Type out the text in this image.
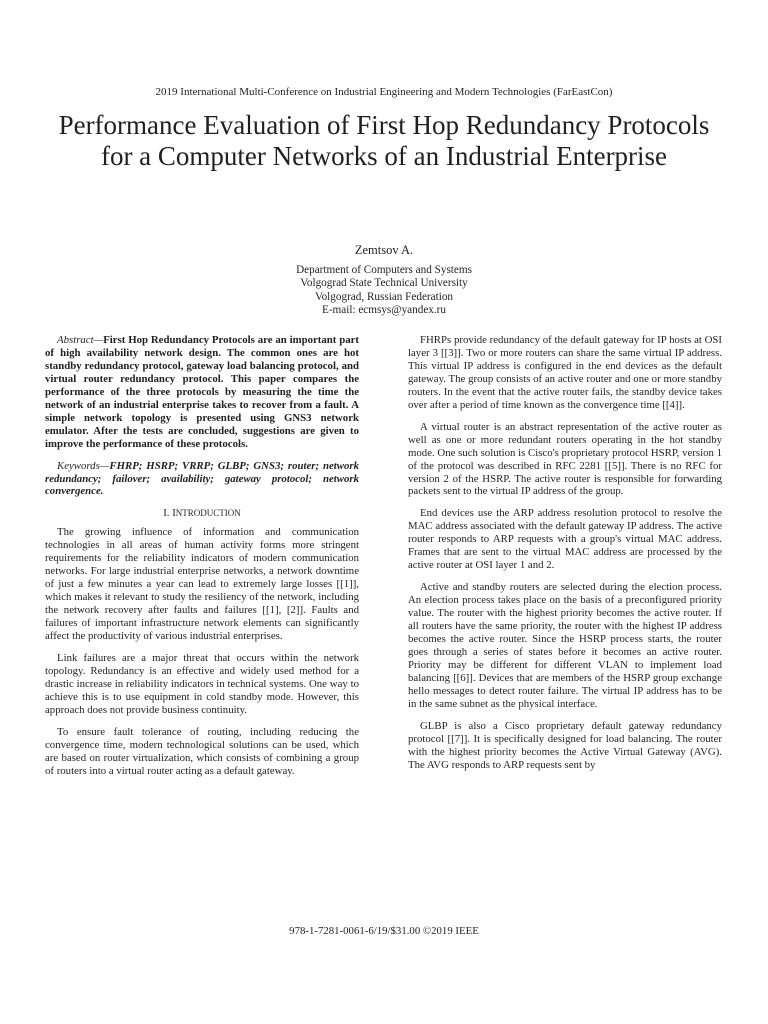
2019 International Multi-Conference on Industrial Engineering and Modern Technologies (FarEastCon)
Performance Evaluation of First Hop Redundancy Protocols for a Computer Networks of an Industrial Enterprise
Zemtsov A.
Department of Computers and Systems
Volgograd State Technical University
Volgograd, Russian Federation
E-mail: ecmsys@yandex.ru

Abstract—First Hop Redundancy Protocols are an important part of high availability network design. The common ones are hot standby redundancy protocol, gateway load balancing protocol, and virtual router redundancy protocol. This paper compares the performance of the three protocols by measuring the time the network of an industrial enterprise takes to recover from a fault. A simple network topology is presented using GNS3 network emulator. After the tests are concluded, suggestions are given to improve the performance of these protocols.

Keywords—FHRP; HSRP; VRRP; GLBP; GNS3; router; network redundancy; failover; availability; gateway protocol; network convergence.

I. INTRODUCTION

The growing influence of information and communication technologies in all areas of human activity forms more stringent requirements for the reliability indicators of modern communication networks. For large industrial enterprise networks, a network downtime of just a few minutes a year can lead to extremely large losses [[1]], which makes it relevant to study the resiliency of the network, including the network recovery after faults and failures [[1], [2]]. Faults and failures of important infrastructure network elements can significantly affect the productivity of various industrial enterprises.

Link failures are a major threat that occurs within the network topology. Redundancy is an effective and widely used method for a drastic increase in reliability indicators in technical systems. One way to achieve this is to use equipment in cold standby mode. However, this approach does not provide business continuity.

To ensure fault tolerance of routing, including reducing the convergence time, modern technological solutions can be used, which are based on router virtualization, which consists of combining a group of routers into a virtual router acting as a default gateway.

FHRPs provide redundancy of the default gateway for IP hosts at OSI layer 3 [[3]]. Two or more routers can share the same virtual IP address. This virtual IP address is configured in the end devices as the default gateway. The group consists of an active router and one or more standby routers. In the event that the active router fails, the standby device takes over after a period of time known as the convergence time [[4]].

A virtual router is an abstract representation of the active router as well as one or more redundant routers operating in the hot standby mode. One such solution is Cisco's proprietary protocol HSRP, version 1 of the protocol was described in RFC 2281 [[5]]. There is no RFC for version 2 of the HSRP. The active router is responsible for forwarding packets sent to the virtual IP address of the group.

End devices use the ARP address resolution protocol to resolve the MAC address associated with the default gateway IP address. The active router responds to ARP requests with a group's virtual MAC address. Frames that are sent to the virtual MAC address are processed by the active router at OSI layer 1 and 2.

Active and standby routers are selected during the election process. An election process takes place on the basis of a preconfigured priority value. The router with the highest priority becomes the active router. If all routers have the same priority, the router with the highest IP address becomes the active router. Since the HSRP process starts, the router goes through a series of states before it becomes an active router. Priority may be different for different VLAN to implement load balancing [[6]]. Devices that are members of the HSRP group exchange hello messages to detect router failure. The virtual IP address has to be in the same subnet as the physical interface.

GLBP is also a Cisco proprietary default gateway redundancy protocol [[7]]. It is specifically designed for load balancing. The router with the highest priority becomes the Active Virtual Gateway (AVG). The AVG responds to ARP requests sent by

978-1-7281-0061-6/19/$31.00 ©2019 IEEE
